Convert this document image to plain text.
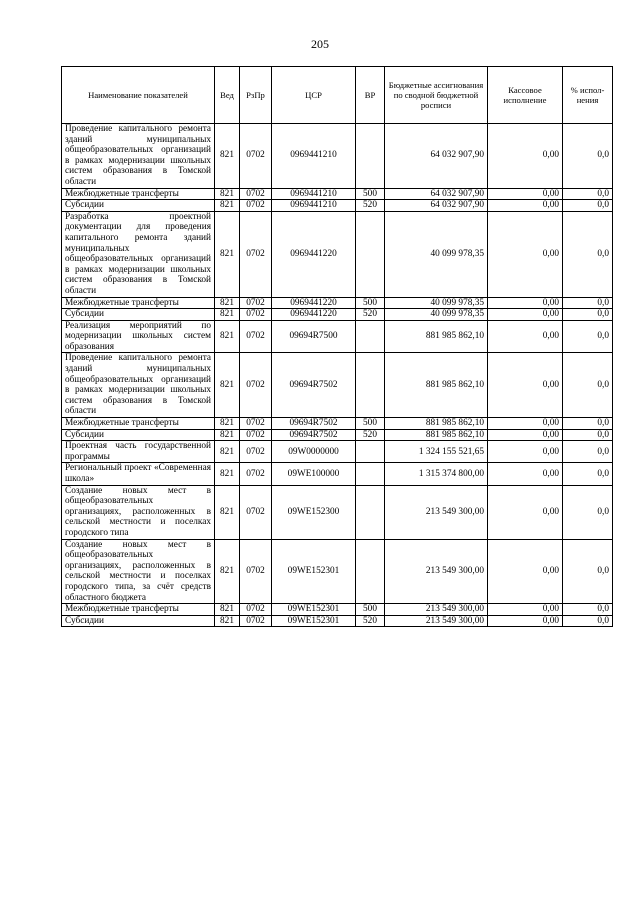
205
Наименование показателей	Вед	РзПр	ЦСР	ВР	Бюджетные ассигнования по сводной бюджетной росписи	Кассовое исполнение	% испол-нения
Проведение капитального ремонта зданий муниципальных общеобразовательных организаций в рамках модернизации школьных систем образования в Томской области	821	0702	0969441210		64 032 907,90	0,00	0,0
Межбюджетные трансферты	821	0702	0969441210	500	64 032 907,90	0,00	0,0
Субсидии	821	0702	0969441210	520	64 032 907,90	0,00	0,0
Разработка проектной документации для проведения капитального ремонта зданий муниципальных общеобразовательных организаций в рамках модернизации школьных систем образования в Томской области	821	0702	0969441220		40 099 978,35	0,00	0,0
Межбюджетные трансферты	821	0702	0969441220	500	40 099 978,35	0,00	0,0
Субсидии	821	0702	0969441220	520	40 099 978,35	0,00	0,0
Реализация мероприятий по модернизации школьных систем образования	821	0702	09694R7500		881 985 862,10	0,00	0,0
Проведение капитального ремонта зданий муниципальных общеобразовательных организаций в рамках модернизации школьных систем образования в Томской области	821	0702	09694R7502		881 985 862,10	0,00	0,0
Межбюджетные трансферты	821	0702	09694R7502	500	881 985 862,10	0,00	0,0
Субсидии	821	0702	09694R7502	520	881 985 862,10	0,00	0,0
Проектная часть государственной программы	821	0702	09W0000000		1 324 155 521,65	0,00	0,0
Региональный проект «Современная школа»	821	0702	09WE100000		1 315 374 800,00	0,00	0,0
Создание новых мест в общеобразовательных организациях, расположенных в сельской местности и поселках городского типа	821	0702	09WE152300		213 549 300,00	0,00	0,0
Создание новых мест в общеобразовательных организациях, расположенных в сельской местности и поселках городского типа, за счёт средств областного бюджета	821	0702	09WE152301		213 549 300,00	0,00	0,0
Межбюджетные трансферты	821	0702	09WE152301	500	213 549 300,00	0,00	0,0
Субсидии	821	0702	09WE152301	520	213 549 300,00	0,00	0,0
